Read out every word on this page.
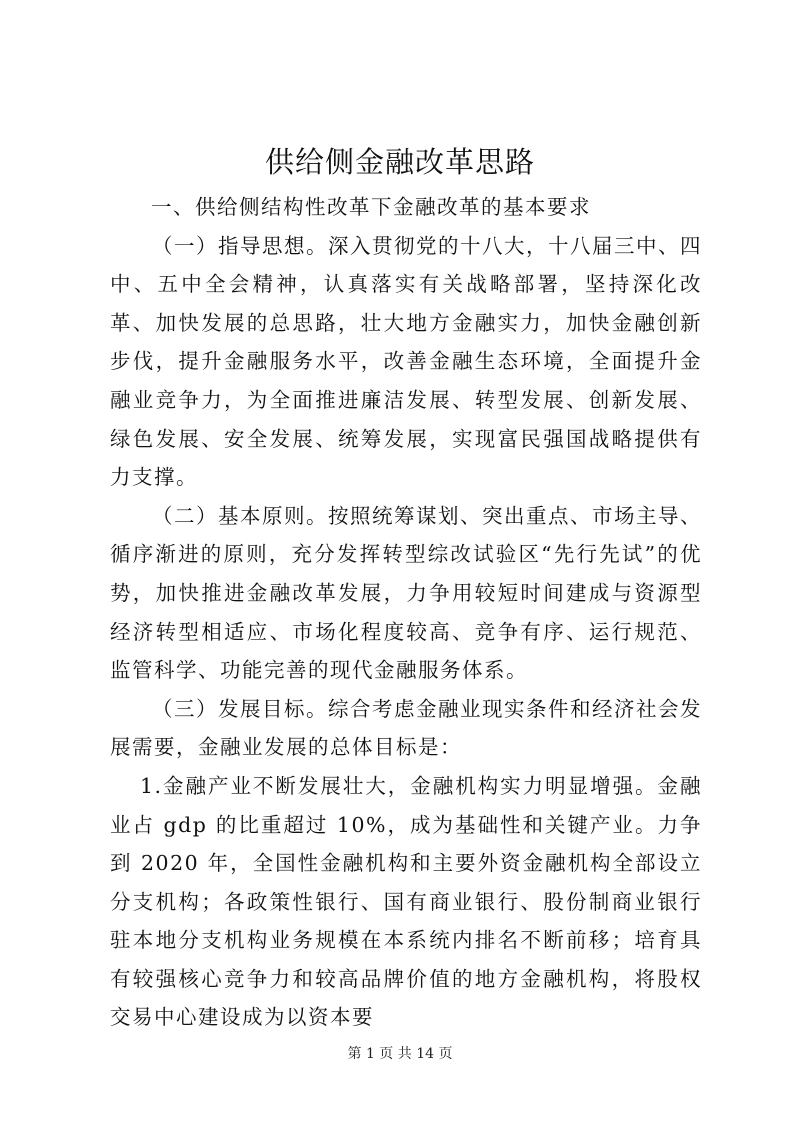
供给侧金融改革思路

一、供给侧结构性改革下金融改革的基本要求

（一）指导思想。深入贯彻党的十八大，十八届三中、四中、五中全会精神，认真落实有关战略部署，坚持深化改革、加快发展的总思路，壮大地方金融实力，加快金融创新步伐，提升金融服务水平，改善金融生态环境，全面提升金融业竞争力，为全面推进廉洁发展、转型发展、创新发展、绿色发展、安全发展、统筹发展，实现富民强国战略提供有力支撑。

（二）基本原则。按照统筹谋划、突出重点、市场主导、循序渐进的原则，充分发挥转型综改试验区“先行先试”的优势，加快推进金融改革发展，力争用较短时间建成与资源型经济转型相适应、市场化程度较高、竞争有序、运行规范、监管科学、功能完善的现代金融服务体系。

（三）发展目标。综合考虑金融业现实条件和经济社会发展需要，金融业发展的总体目标是：

1.金融产业不断发展壮大，金融机构实力明显增强。金融业占 gdp 的比重超过 10%，成为基础性和关键产业。力争到 2020 年，全国性金融机构和主要外资金融机构全部设立分支机构；各政策性银行、国有商业银行、股份制商业银行驻本地分支机构业务规模在本系统内排名不断前移；培育具有较强核心竞争力和较高品牌价值的地方金融机构，将股权交易中心建设成为以资本要

第 1 页 共 14 页
